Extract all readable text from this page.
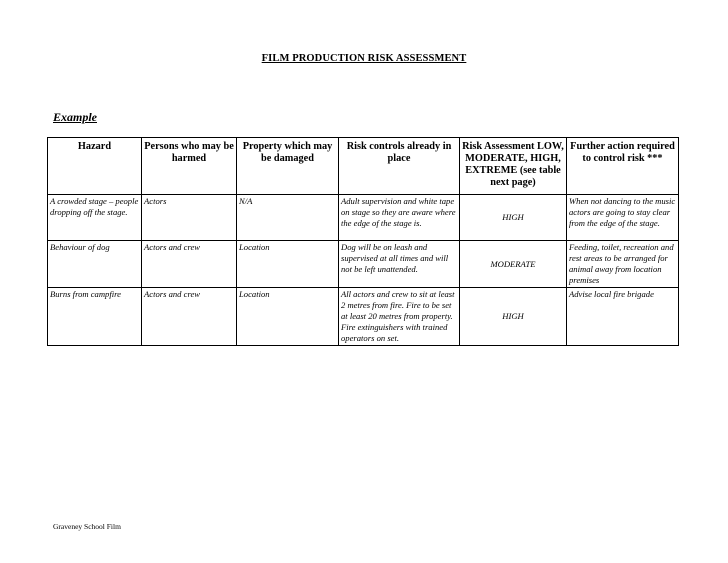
FILM PRODUCTION RISK ASSESSMENT
Example
Hazard	Persons who may be harmed	Property which may be damaged	Risk controls already in place	Risk Assessment LOW, MODERATE, HIGH, EXTREME (see table next page)	Further action required to control risk ***
A crowded stage – people dropping off the stage.	Actors	N/A	Adult supervision and white tape on stage so they are aware where the edge of the stage is.	HIGH	When not dancing to the music actors are going to stay clear from the edge of the stage.
Behaviour of dog	Actors and crew	Location	Dog will be on leash and supervised at all times and will not be left unattended.	MODERATE	Feeding, toilet, recreation and rest areas to be arranged for animal away from location premises
Burns from campfire	Actors and crew	Location	All actors and crew to sit at least 2 metres from fire. Fire to be set at least 20 metres from property. Fire extinguishers with trained operators on set.	HIGH	Advise local fire brigade
Graveney School Film
